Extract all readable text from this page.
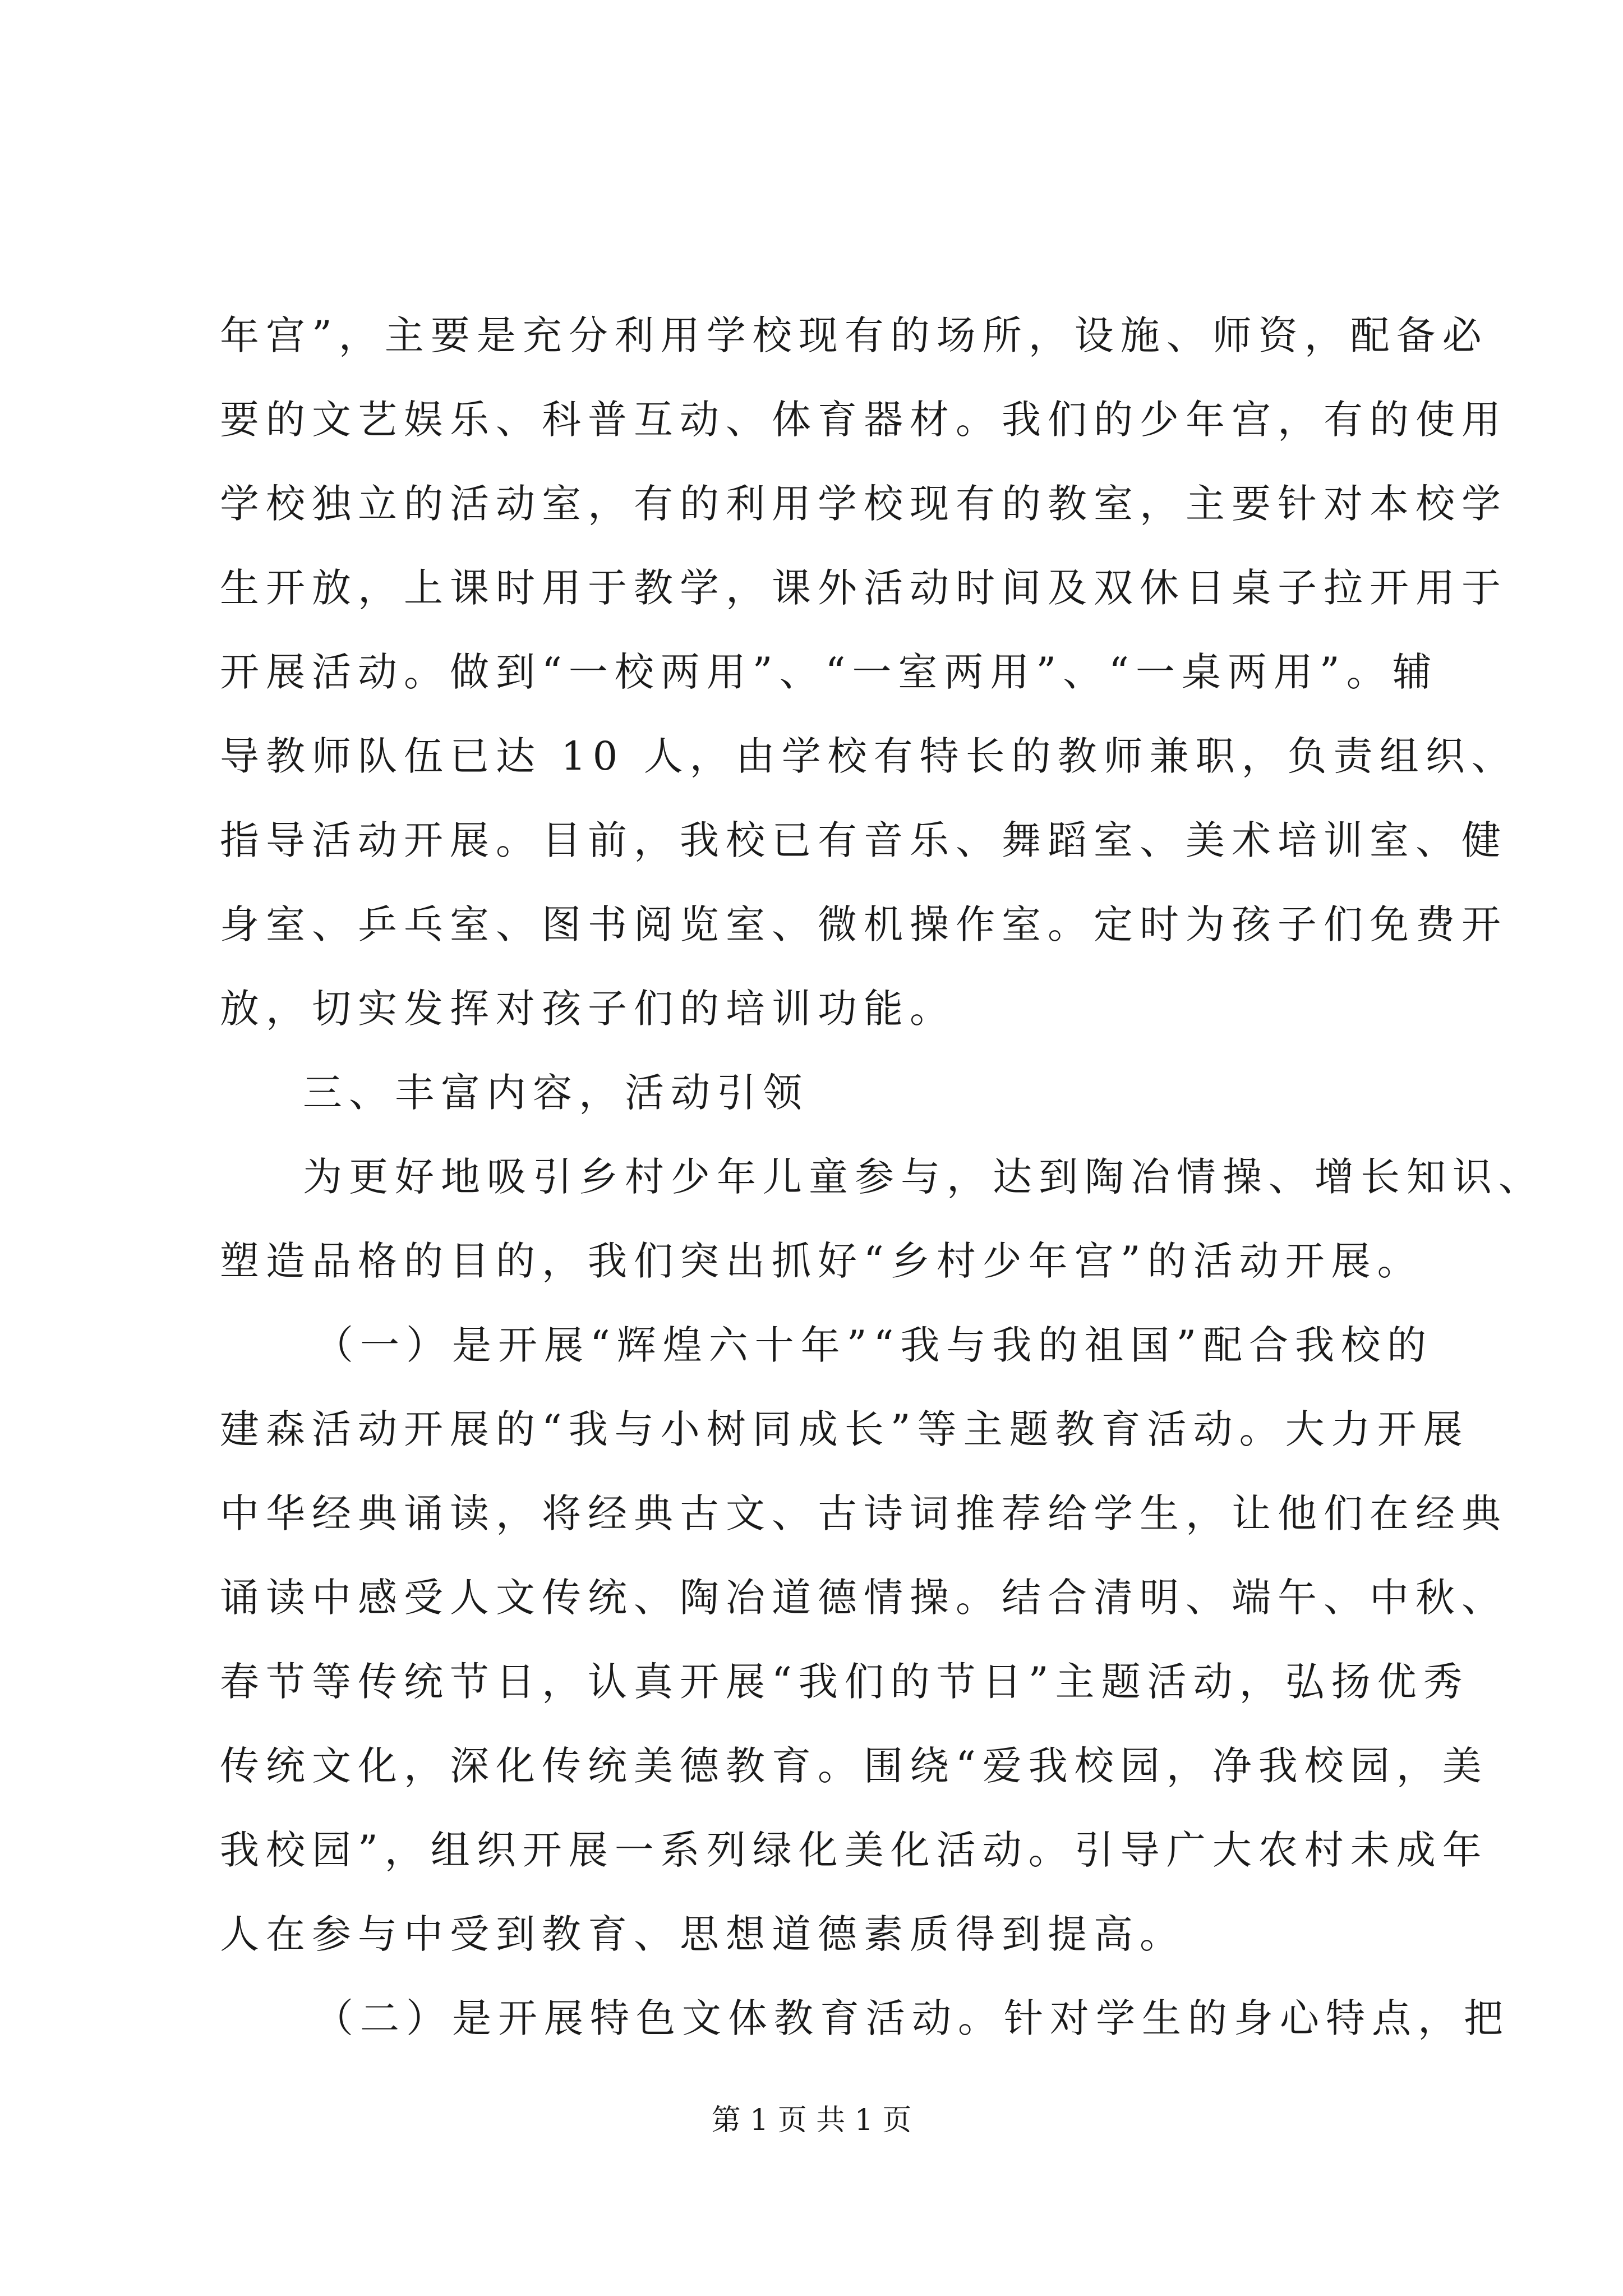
年宫”，主要是充分利用学校现有的场所，设施、师资，配备必
要的文艺娱乐、科普互动、体育器材。我们的少年宫，有的使用
学校独立的活动室，有的利用学校现有的教室，主要针对本校学
生开放，上课时用于教学，课外活动时间及双休日桌子拉开用于
开展活动。做到“一校两用”、“一室两用”、“一桌两用”。辅
导教师队伍已达 10 人，由学校有特长的教师兼职，负责组织、
指导活动开展。目前，我校已有音乐、舞蹈室、美术培训室、健
身室、乒乓室、图书阅览室、微机操作室。定时为孩子们免费开
放，切实发挥对孩子们的培训功能。
三、丰富内容，活动引领
为更好地吸引乡村少年儿童参与，达到陶冶情操、增长知识、
塑造品格的目的，我们突出抓好“乡村少年宫”的活动开展。
（一）是开展“辉煌六十年”“我与我的祖国”配合我校的
建森活动开展的“我与小树同成长”等主题教育活动。大力开展
中华经典诵读，将经典古文、古诗词推荐给学生，让他们在经典
诵读中感受人文传统、陶冶道德情操。结合清明、端午、中秋、
春节等传统节日，认真开展“我们的节日”主题活动，弘扬优秀
传统文化，深化传统美德教育。围绕“爱我校园，净我校园，美
我校园”，组织开展一系列绿化美化活动。引导广大农村未成年
人在参与中受到教育、思想道德素质得到提高。
（二）是开展特色文体教育活动。针对学生的身心特点，把
第 1 页 共 1 页
